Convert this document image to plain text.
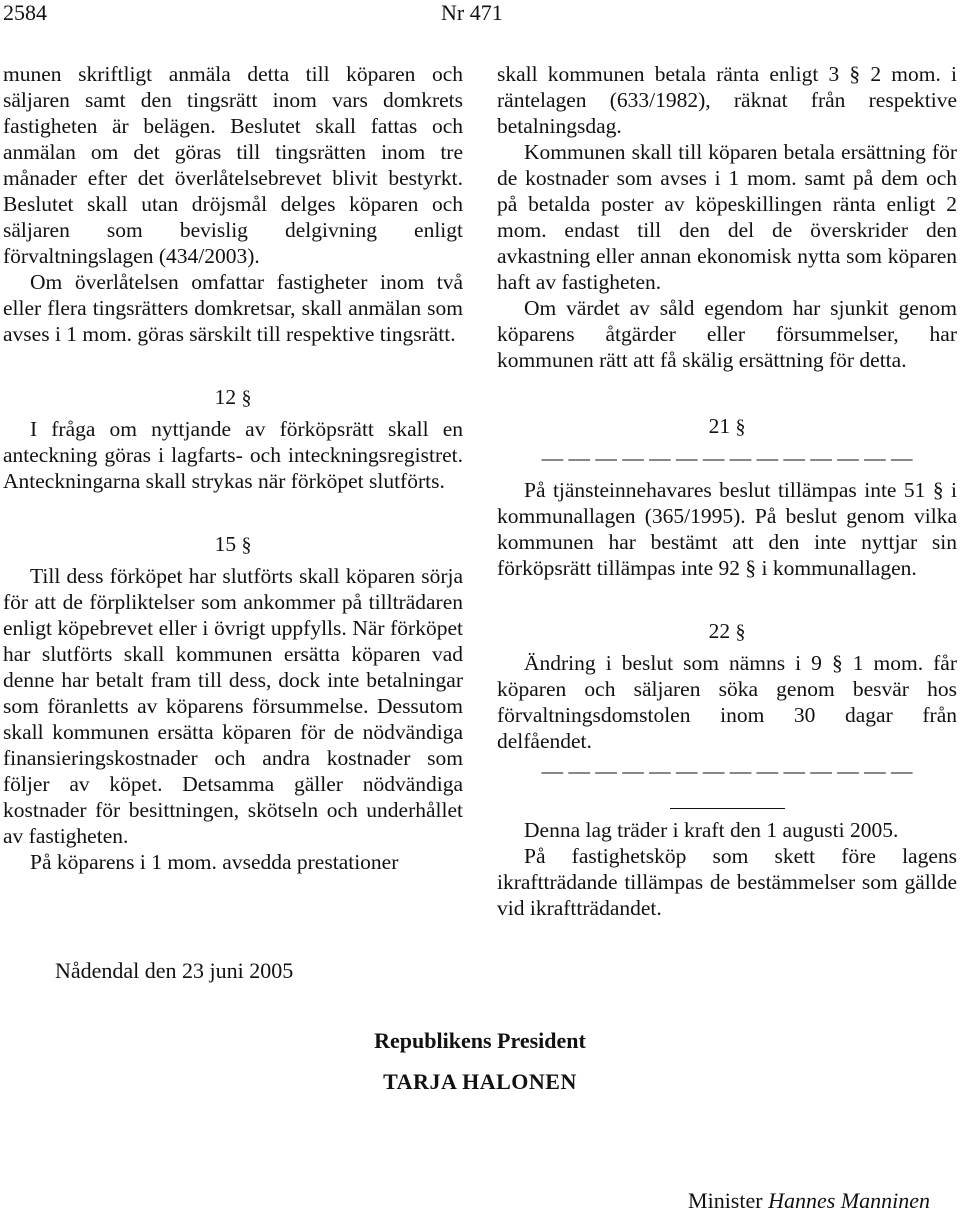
2584	Nr 471

munen skriftligt anmäla detta till köparen och säljaren samt den tingsrätt inom vars domkrets fastigheten är belägen. Beslutet skall fattas och anmälan om det göras till tingsrätten inom tre månader efter det överlåtelsebrevet blivit bestyrkt. Beslutet skall utan dröjsmål delges köparen och säljaren som bevislig delgivning enligt förvaltningslagen (434/2003).

Om överlåtelsen omfattar fastigheter inom två eller flera tingsrätters domkretsar, skall anmälan som avses i 1 mom. göras särskilt till respektive tingsrätt.

12 §

I fråga om nyttjande av förköpsrätt skall en anteckning göras i lagfarts- och inteckningsregistret. Anteckningarna skall strykas när förköpet slutförts.

15 §

Till dess förköpet har slutförts skall köparen sörja för att de förpliktelser som ankommer på tillträdaren enligt köpebrevet eller i övrigt uppfylls. När förköpet har slutförts skall kommunen ersätta köparen vad denne har betalt fram till dess, dock inte betalningar som föranletts av köparens försummelse. Dessutom skall kommunen ersätta köparen för de nödvändiga finansieringskostnader och andra kostnader som följer av köpet. Detsamma gäller nödvändiga kostnader för besittningen, skötseln och underhållet av fastigheten.

På köparens i 1 mom. avsedda prestationer

skall kommunen betala ränta enligt 3 § 2 mom. i räntelagen (633/1982), räknat från respektive betalningsdag.

Kommunen skall till köparen betala ersättning för de kostnader som avses i 1 mom. samt på dem och på betalda poster av köpeskillingen ränta enligt 2 mom. endast till den del de överskrider den avkastning eller annan ekonomisk nytta som köparen haft av fastigheten.

Om värdet av såld egendom har sjunkit genom köparens åtgärder eller försummelser, har kommunen rätt att få skälig ersättning för detta.

21 §
— — — — — — — — — — — — — —

På tjänsteinnehavares beslut tillämpas inte 51 § i kommunallagen (365/1995). På beslut genom vilka kommunen har bestämt att den inte nyttjar sin förköpsrätt tillämpas inte 92 § i kommunallagen.

22 §

Ändring i beslut som nämns i 9 § 1 mom. får köparen och säljaren söka genom besvär hos förvaltningsdomstolen inom 30 dagar från delfåendet.

— — — — — — — — — — — — — —

Denna lag träder i kraft den 1 augusti 2005.

På fastighetsköp som skett före lagens ikraftträdande tillämpas de bestämmelser som gällde vid ikraftträdandet.

Nådendal den 23 juni 2005
Republikens President
TARJA HALONEN
Minister Hannes Manninen
